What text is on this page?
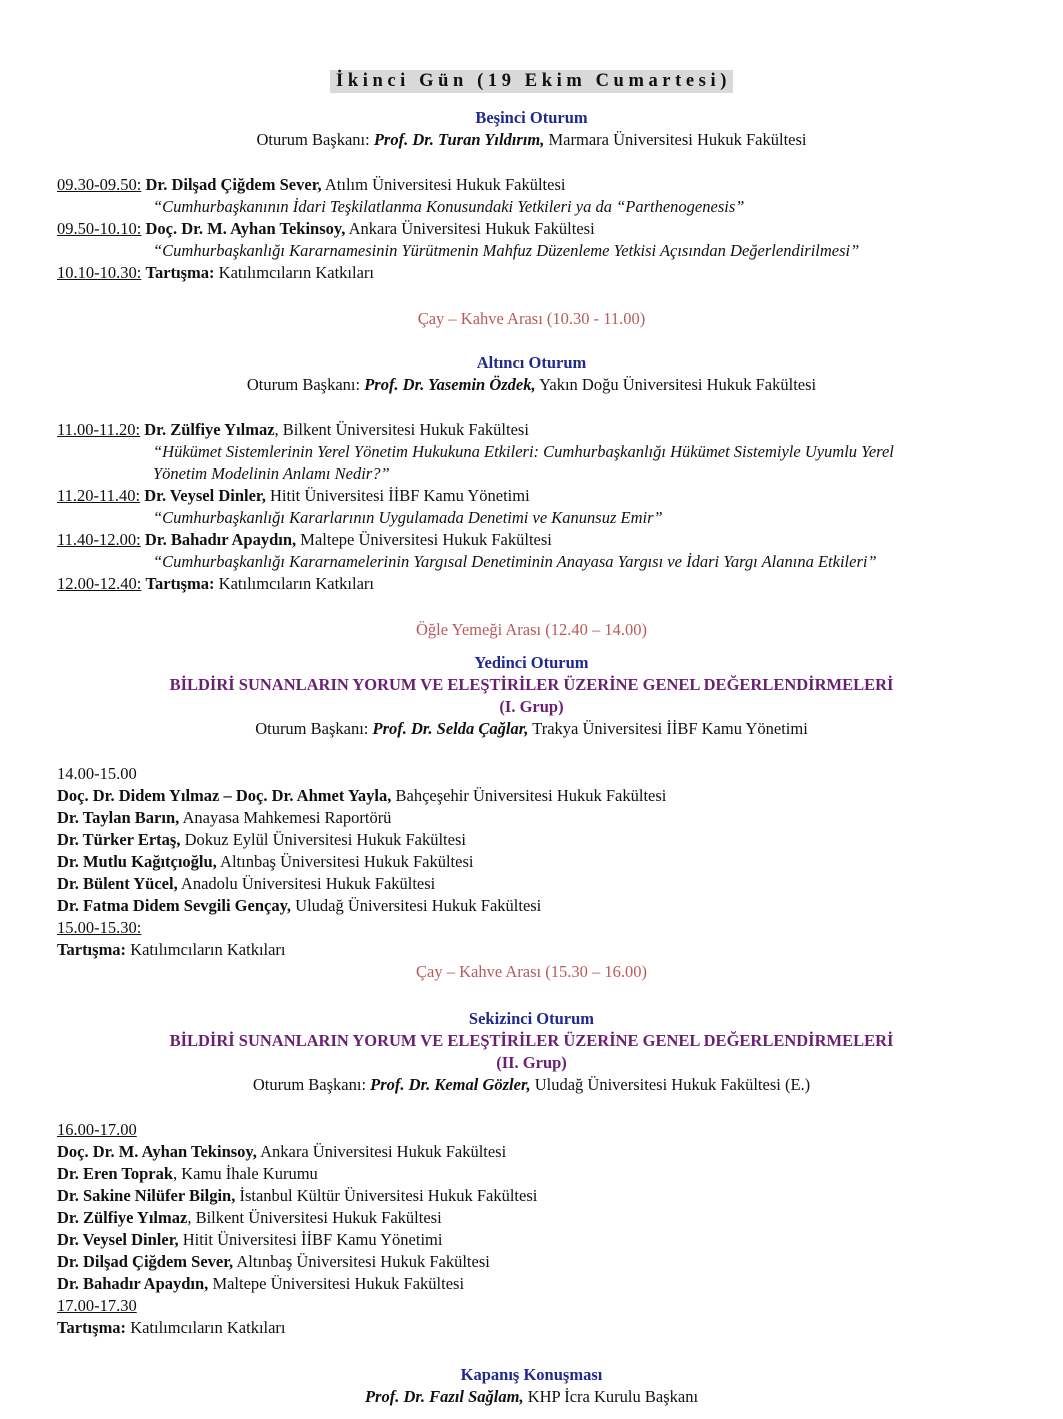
İkinci Gün (19 Ekim Cumartesi)
Beşinci Oturum
Oturum Başkanı: Prof. Dr. Turan Yıldırım, Marmara Üniversitesi Hukuk Fakültesi
09.30-09.50: Dr. Dilşad Çiğdem Sever, Atılım Üniversitesi Hukuk Fakültesi
“Cumhurbaşkanının İdari Teşkilatlanma Konusundaki Yetkileri ya da “Parthenogenesis”
09.50-10.10: Doç. Dr. M. Ayhan Tekinsoy, Ankara Üniversitesi Hukuk Fakültesi
“Cumhurbaşkanlığı Kararnamesinin Yürütmenin Mahfuz Düzenleme Yetkisi Açısından Değerlendirilmesi”
10.10-10.30: Tartışma: Katılımcıların Katkıları
Çay – Kahve Arası (10.30 - 11.00)
Altıncı Oturum
Oturum Başkanı: Prof. Dr. Yasemin Özdek, Yakın Doğu Üniversitesi Hukuk Fakültesi
11.00-11.20: Dr. Zülfiye Yılmaz, Bilkent Üniversitesi Hukuk Fakültesi
“Hükümet Sistemlerinin Yerel Yönetim Hukukuna Etkileri: Cumhurbaşkanlığı Hükümet Sistemiyle Uyumlu Yerel
Yönetim Modelinin Anlamı Nedir?”
11.20-11.40: Dr. Veysel Dinler, Hitit Üniversitesi İİBF Kamu Yönetimi
“Cumhurbaşkanlığı Kararlarının Uygulamada Denetimi ve Kanunsuz Emir”
11.40-12.00: Dr. Bahadır Apaydın, Maltepe Üniversitesi Hukuk Fakültesi
“Cumhurbaşkanlığı Kararnamelerinin Yargısal Denetiminin Anayasa Yargısı ve İdari Yargı Alanına Etkileri”
12.00-12.40: Tartışma: Katılımcıların Katkıları
Öğle Yemeği Arası (12.40 – 14.00)
Yedinci Oturum
BİLDİRİ SUNANLARIN YORUM VE ELEŞTİRİLER ÜZERİNE GENEL DEĞERLENDİRMELERİ
(I. Grup)
Oturum Başkanı: Prof. Dr. Selda Çağlar, Trakya Üniversitesi İİBF Kamu Yönetimi
14.00-15.00
Doç. Dr. Didem Yılmaz – Doç. Dr. Ahmet Yayla, Bahçeşehir Üniversitesi Hukuk Fakültesi
Dr. Taylan Barın, Anayasa Mahkemesi Raportörü
Dr. Türker Ertaş, Dokuz Eylül Üniversitesi Hukuk Fakültesi
Dr. Mutlu Kağıtçıoğlu, Altınbaş Üniversitesi Hukuk Fakültesi
Dr. Bülent Yücel, Anadolu Üniversitesi Hukuk Fakültesi
Dr. Fatma Didem Sevgili Gençay, Uludağ Üniversitesi Hukuk Fakültesi
15.00-15.30:
Tartışma: Katılımcıların Katkıları
Çay – Kahve Arası (15.30 – 16.00)
Sekizinci Oturum
BİLDİRİ SUNANLARIN YORUM VE ELEŞTİRİLER ÜZERİNE GENEL DEĞERLENDİRMELERİ
(II. Grup)
Oturum Başkanı: Prof. Dr. Kemal Gözler, Uludağ Üniversitesi Hukuk Fakültesi (E.)
16.00-17.00
Doç. Dr. M. Ayhan Tekinsoy, Ankara Üniversitesi Hukuk Fakültesi
Dr. Eren Toprak, Kamu İhale Kurumu
Dr. Sakine Nilüfer Bilgin, İstanbul Kültür Üniversitesi Hukuk Fakültesi
Dr. Zülfiye Yılmaz, Bilkent Üniversitesi Hukuk Fakültesi
Dr. Veysel Dinler, Hitit Üniversitesi İİBF Kamu Yönetimi
Dr. Dilşad Çiğdem Sever, Altınbaş Üniversitesi Hukuk Fakültesi
Dr. Bahadır Apaydın, Maltepe Üniversitesi Hukuk Fakültesi
17.00-17.30
Tartışma: Katılımcıların Katkıları
Kapanış Konuşması
Prof. Dr. Fazıl Sağlam, KHP İcra Kurulu Başkanı
